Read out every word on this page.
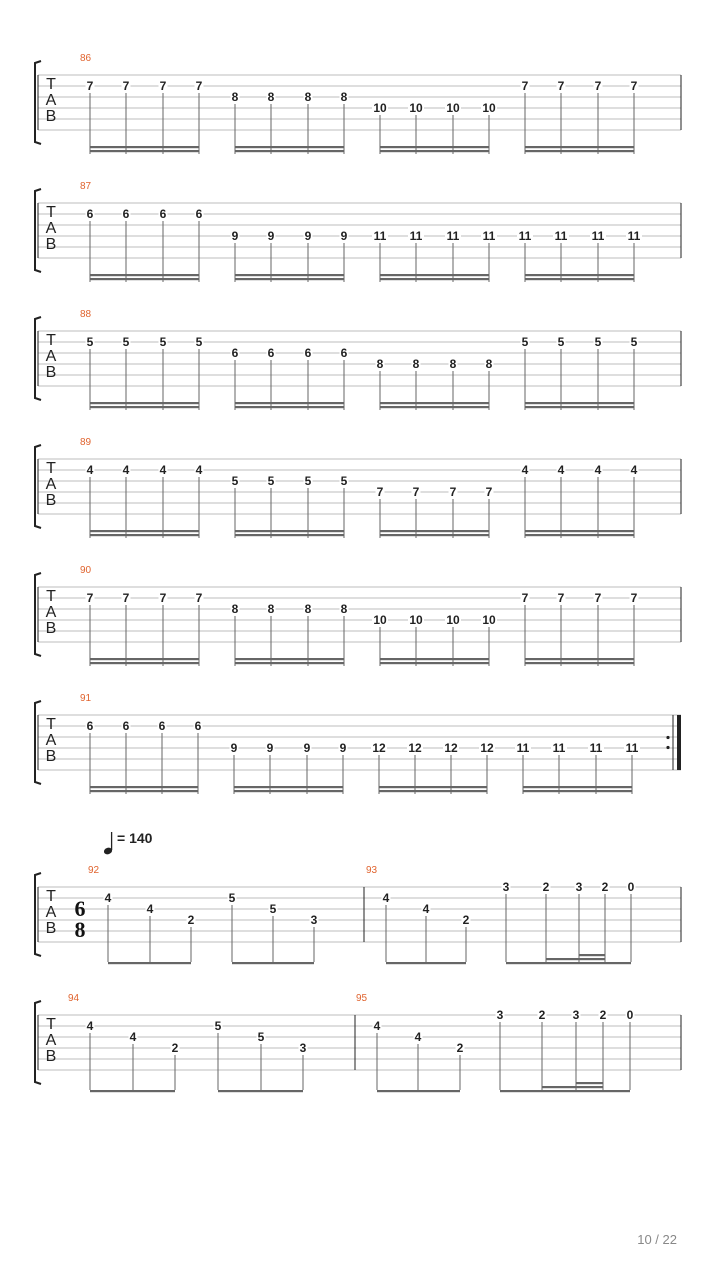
T
A
B
86
7 7	7 7
8 8	8 8
10 10 10 10
7 7	7 7
T
A
B
87
6 6	6 6
9 9	9 9 11 11 11 11 11 11 11 11
T
A
B
88
5 5	5 5
6 6	6 6
8 8	8 8
5 5	5 5
T
A
B
89
4 4	4 4
5 5	5 5
7 7	7 7
4 4	4 4
T
A
B
90
7 7	7 7
8 8	8 8
10 10 10 10
7 7	7 7
T
A
B
91
6 6 6 6
9 9	9 9 12 12 12 12 11 11 11 11
T
A
B
6
8
92
4
4
2
5
5
3
93
4
4
2
3	2 3 2 0
T
A
B
94
4
4
2
5
5
3
95
4
4
2
3	2 3 2 0
= 140
10 / 22
